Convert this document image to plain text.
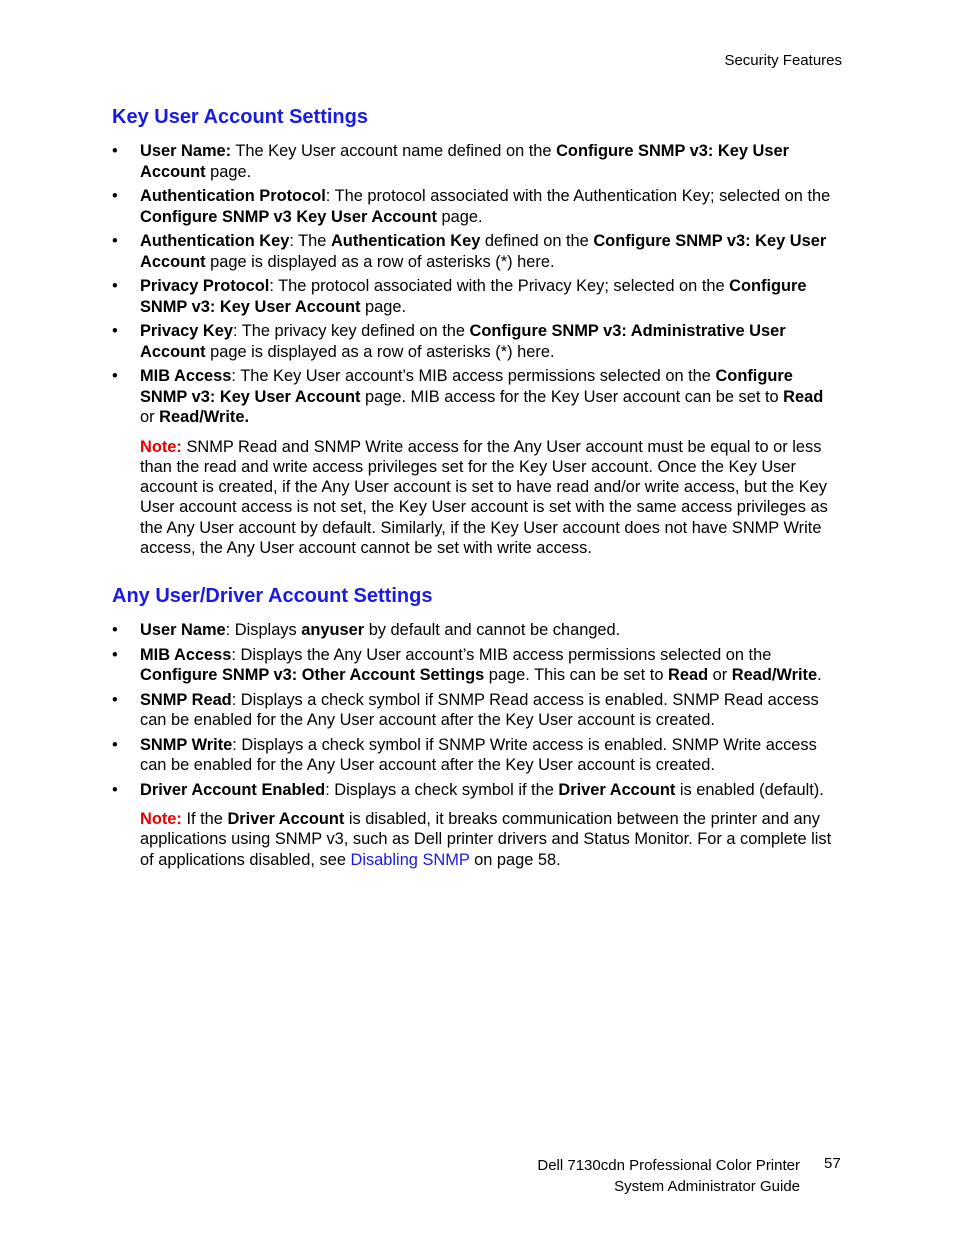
Security Features
Key User Account Settings
• User Name: The Key User account name defined on the Configure SNMP v3: Key User Account page.
• Authentication Protocol: The protocol associated with the Authentication Key; selected on the Configure SNMP v3 Key User Account page.
• Authentication Key: The Authentication Key defined on the Configure SNMP v3: Key User Account page is displayed as a row of asterisks (*) here.
• Privacy Protocol: The protocol associated with the Privacy Key; selected on the Configure SNMP v3: Key User Account page.
• Privacy Key: The privacy key defined on the Configure SNMP v3: Administrative User Account page is displayed as a row of asterisks (*) here.
• MIB Access: The Key User account’s MIB access permissions selected on the Configure SNMP v3: Key User Account page. MIB access for the Key User account can be set to Read or Read/Write.

Note: SNMP Read and SNMP Write access for the Any User account must be equal to or less than the read and write access privileges set for the Key User account. Once the Key User account is created, if the Any User account is set to have read and/or write access, but the Key User account access is not set, the Key User account is set with the same access privileges as the Any User account by default. Similarly, if the Key User account does not have SNMP Write access, the Any User account cannot be set with write access.

Any User/Driver Account Settings
• User Name: Displays anyuser by default and cannot be changed.
• MIB Access: Displays the Any User account’s MIB access permissions selected on the Configure SNMP v3: Other Account Settings page. This can be set to Read or Read/Write.
• SNMP Read: Displays a check symbol if SNMP Read access is enabled. SNMP Read access can be enabled for the Any User account after the Key User account is created.
• SNMP Write: Displays a check symbol if SNMP Write access is enabled. SNMP Write access can be enabled for the Any User account after the Key User account is created.
• Driver Account Enabled: Displays a check symbol if the Driver Account is enabled (default).

Note: If the Driver Account is disabled, it breaks communication between the printer and any applications using SNMP v3, such as Dell printer drivers and Status Monitor. For a complete list of applications disabled, see Disabling SNMP on page 58.

Dell 7130cdn Professional Color Printer
System Administrator Guide
57
